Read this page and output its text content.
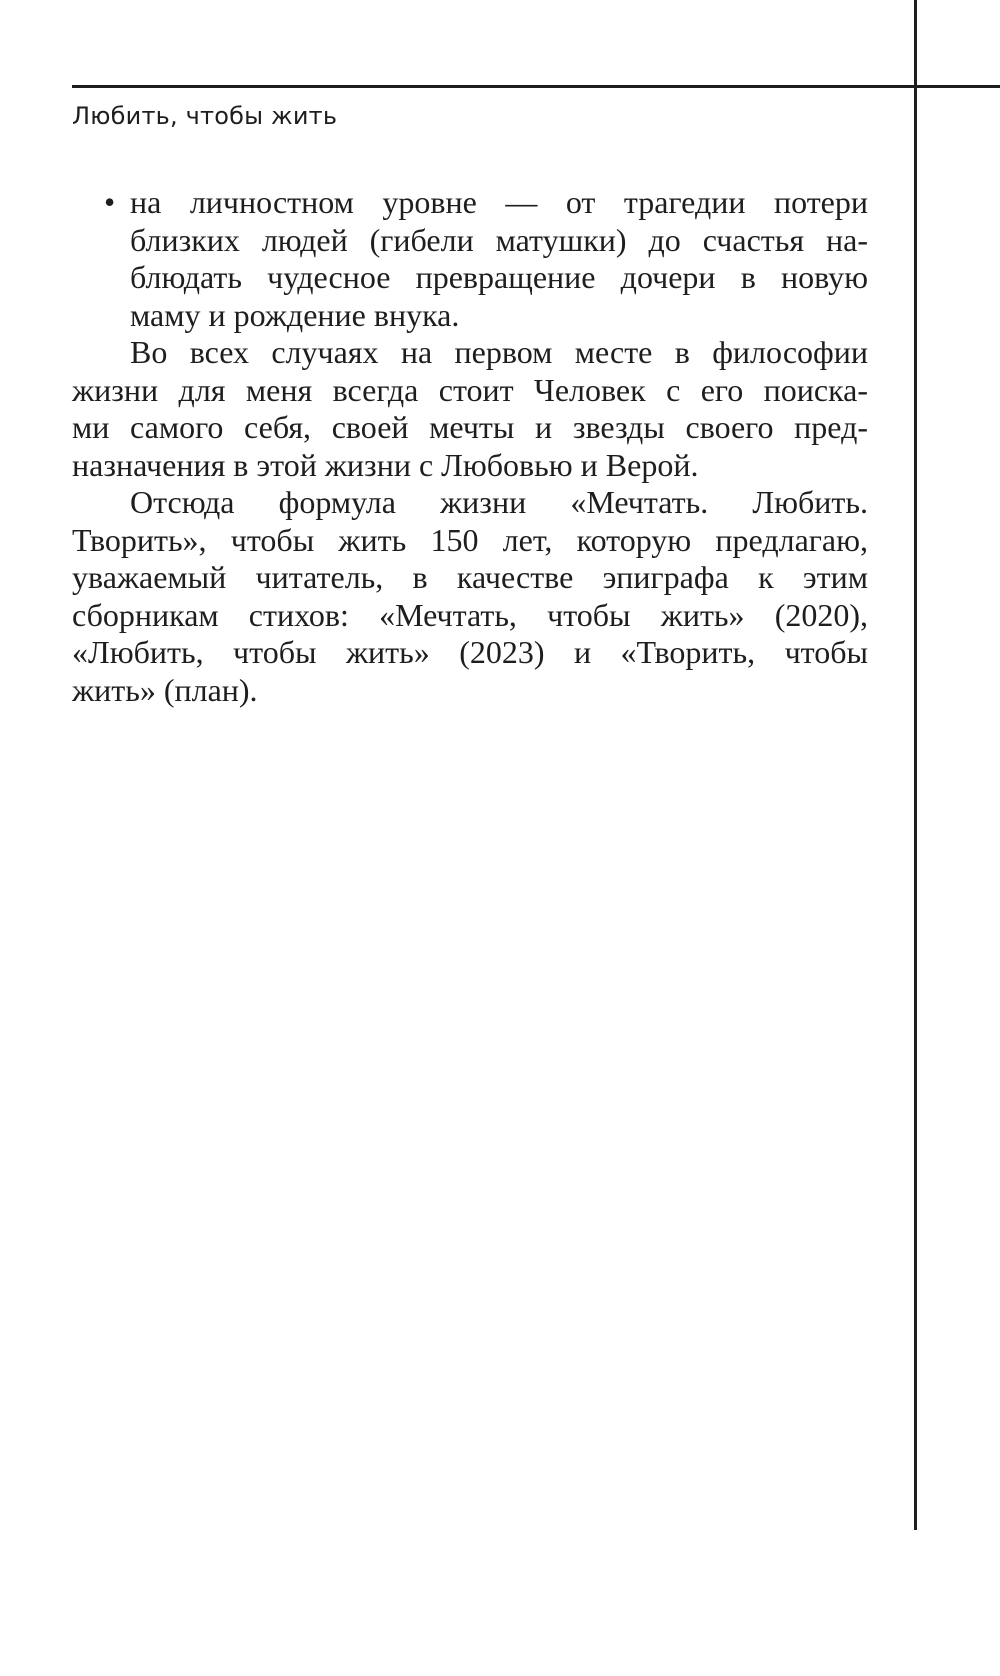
Любить, чтобы жить

• на личностном уровне — от трагедии потери
близких людей (гибели матушки) до счастья на-
блюдать чудесное превращение дочери в новую
маму и рождение внука.
Во всех случаях на первом месте в философии
жизни для меня всегда стоит Человек с его поиска-
ми самого себя, своей мечты и звезды своего пред-
назначения в этой жизни с Любовью и Верой.
Отсюда формула жизни «Мечтать. Любить.
Творить», чтобы жить 150 лет, которую предлагаю,
уважаемый читатель, в качестве эпиграфа к этим
сборникам стихов: «Мечтать, чтобы жить» (2020),
«Любить, чтобы жить» (2023) и «Творить, чтобы
жить» (план).
